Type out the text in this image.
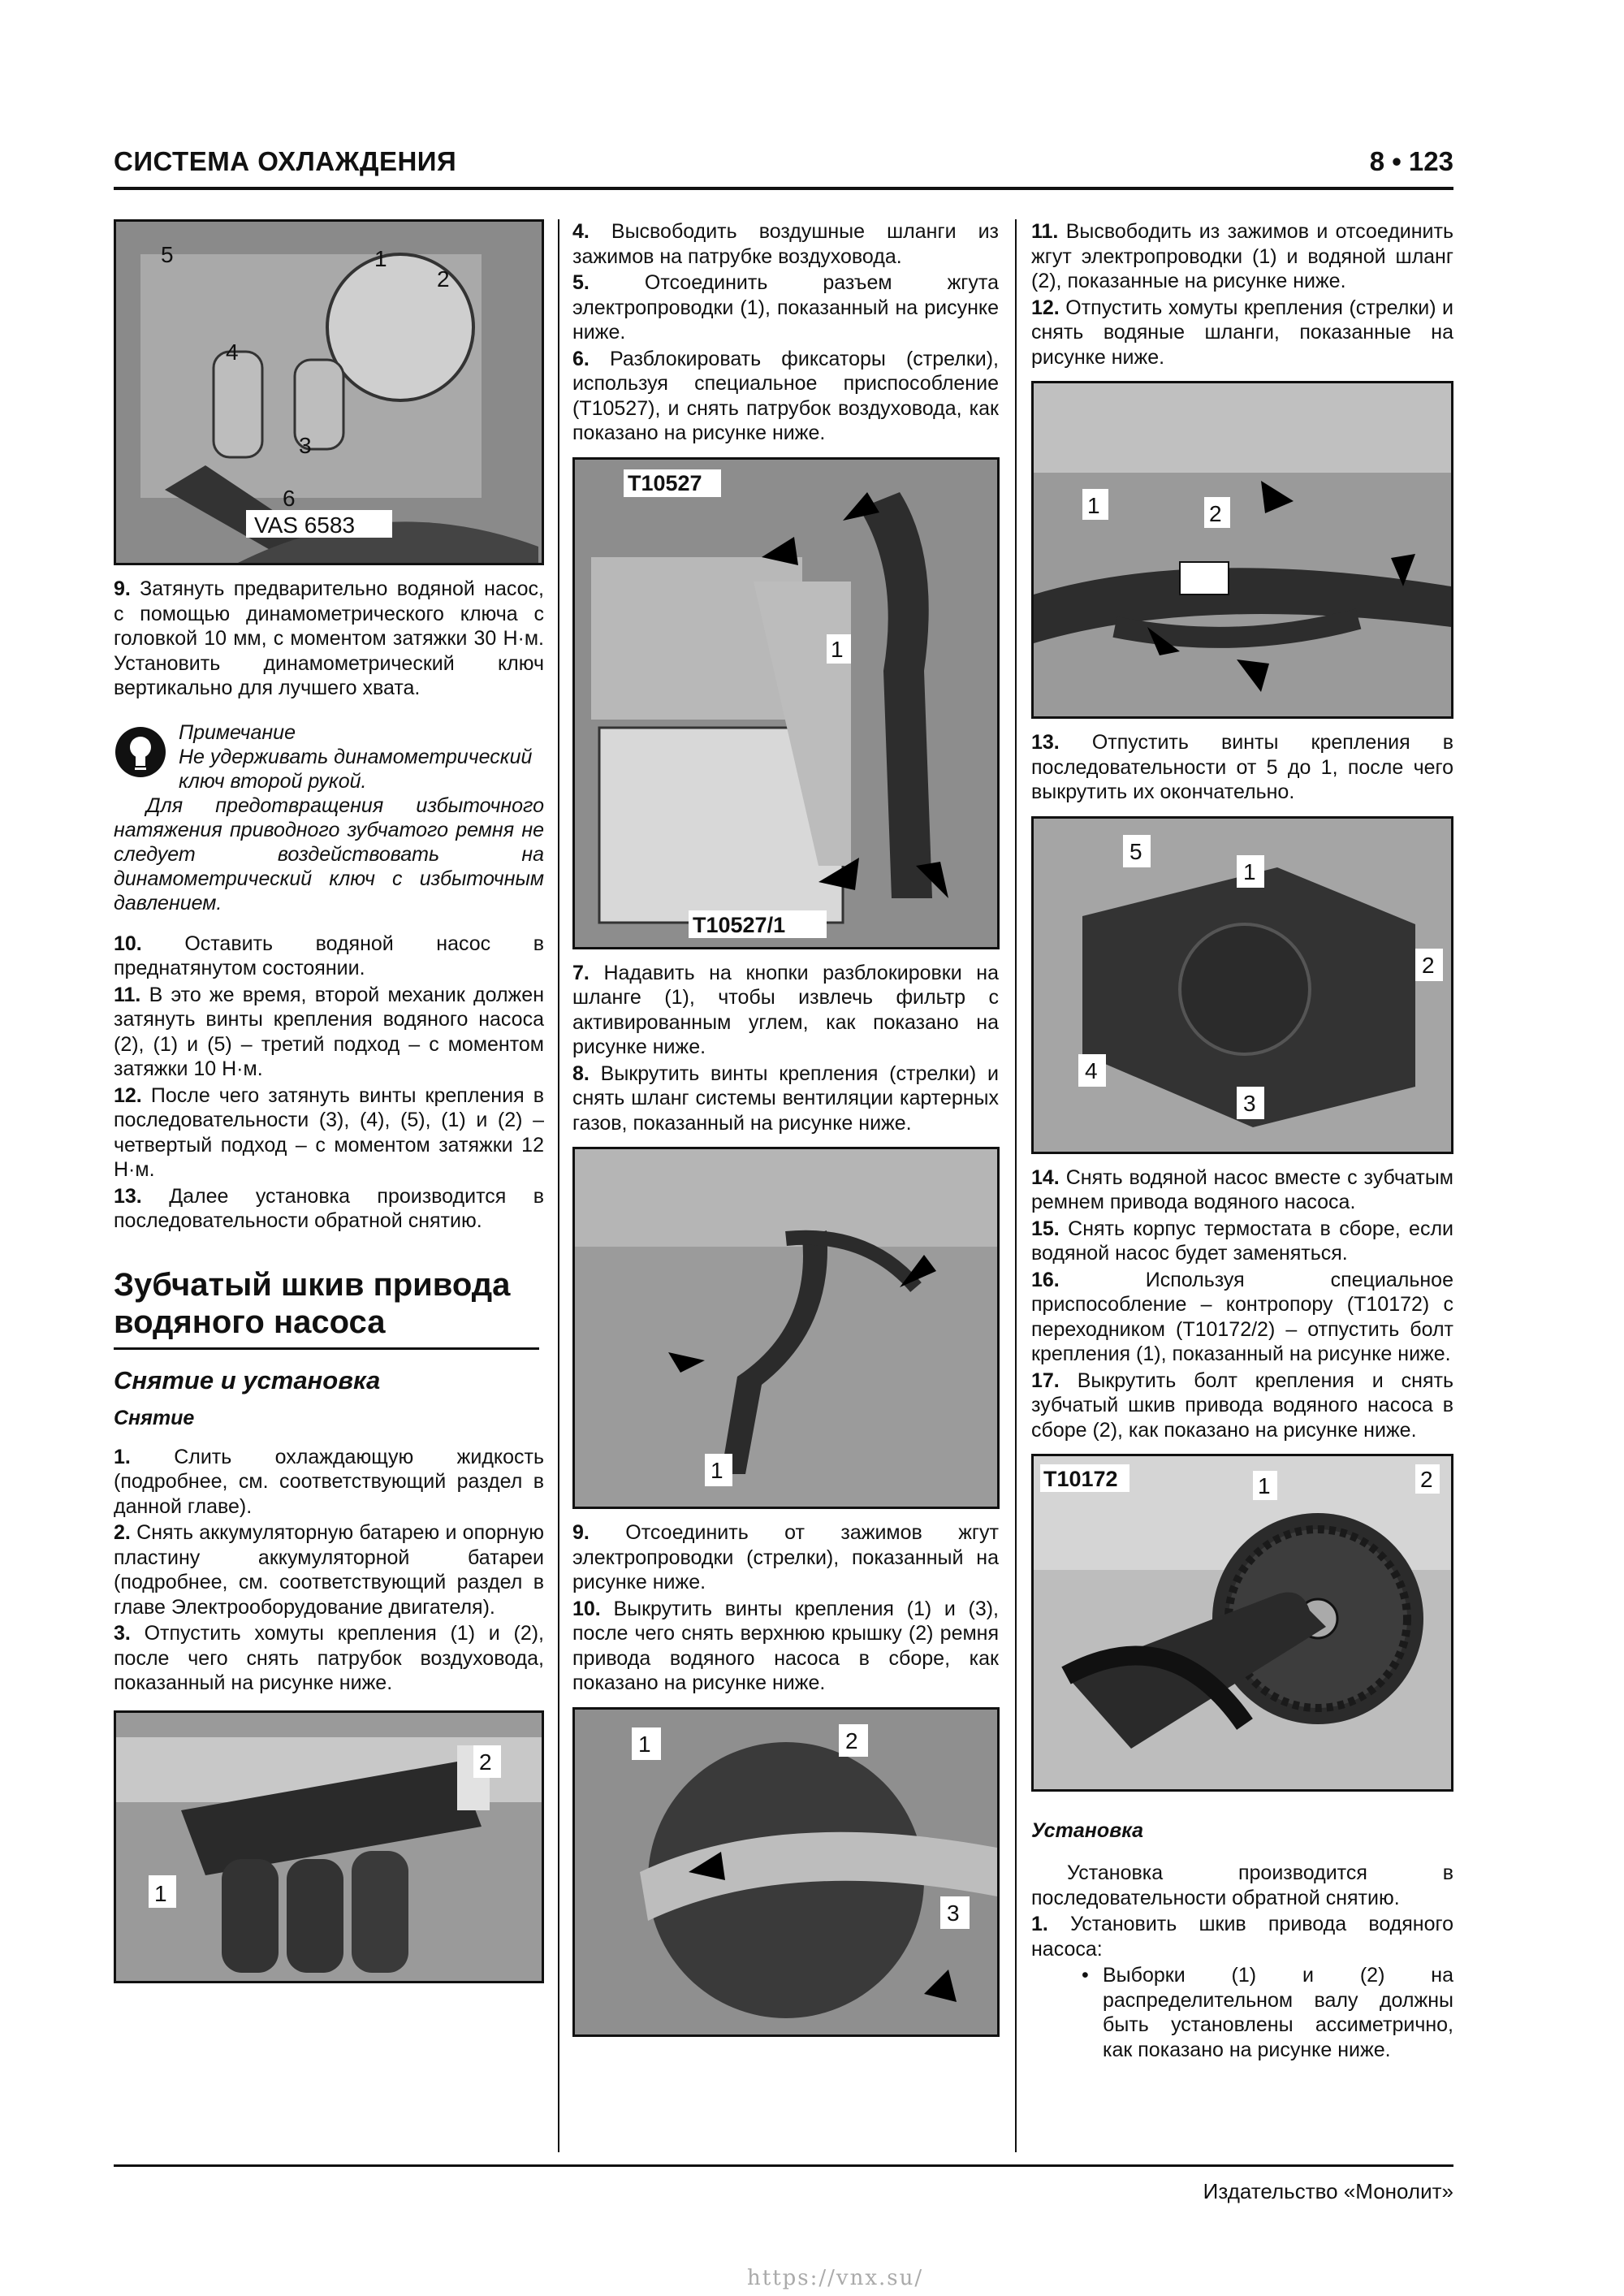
СИСТЕМА ОХЛАЖДЕНИЯ	8 • 123
5	1
2
4
3
6
VAS 6583

9. Затянуть предварительно водяной насос, с помощью динамометрического ключа с головкой 10 мм, с моментом затяжки 30 Н·м. Установить динамометрический ключ вертикально для лучшего хвата.

Примечание
Не удерживать динамометрический ключ второй рукой.
Для предотвращения избыточного натяжения приводного зубчатого ремня не следует воздействовать на динамометрический ключ с избыточным давлением.

10. Оставить водяной насос в преднатянутом состоянии.

11. В это же время, второй механик должен затянуть винты крепления водяного насоса (2), (1) и (5) – третий подход – с моментом затяжки 10 Н·м.

12. После чего затянуть винты крепления в последовательности (3), (4), (5), (1) и (2) – четвертый подход – с моментом затяжки 12 Н·м.

13. Далее установка производится в последовательности обратной снятию.

Зубчатый шкив привода водяного насоса
Снятие и установка
Снятие

1. Слить охлаждающую жидкость (подробнее, см. соответствующий раздел в данной главе).

2. Снять аккумуляторную батарею и опорную пластину аккумуляторной батареи (подробнее, см. соответствующий раздел в главе Электрооборудование двигателя).

3. Отпустить хомуты крепления (1) и (2), после чего снять патрубок воздуховода, показанный на рисунке ниже.

2
1

4. Высвободить воздушные шланги из зажимов на патрубке воздуховода.

5.	Отсоединить разъем жгута электропроводки (1), показанный на рисунке ниже.

6. Разблокировать фиксаторы (стрелки), используя специальное приспособление (T10527), и снять патрубок воздуховода, как показано на рисунке ниже.

T10527
1
T10527/1

7. Надавить на кнопки разблокировки на шланге (1), чтобы извлечь фильтр с активированным углем, как показано на рисунке ниже.

8. Выкрутить винты крепления (стрелки) и снять шланг системы вентиляции картерных газов, показанный на рисунке ниже.

1

9. Отсоединить от зажимов жгут электропроводки (стрелки), показанный на рисунке ниже.

10. Выкрутить винты крепления (1) и (3), после чего снять верхнюю крышку (2) ремня привода водяного насоса в сборе, как показано на рисунке ниже.

1	2
3

11. Высвободить из зажимов и отсоединить жгут электропроводки (1) и водяной шланг (2), показанные на рисунке ниже.

12. Отпустить хомуты крепления (стрелки) и снять водяные шланги, показанные на рисунке ниже.

1	2

13. Отпустить винты крепления в последовательности от 5 до 1, после чего выкрутить их окончательно.

5
1
2
4
3

14. Снять водяной насос вместе с зубчатым ремнем привода водяного насоса.

15. Снять корпус термостата в сборе, если водяной насос будет заменяться.

16.	Используя специальное приспособление – контропору (T10172) с переходником (T10172/2) – отпустить болт крепления (1), показанный на рисунке ниже.

17. Выкрутить болт крепления и снять зубчатый шкив привода водяного насоса в сборе (2), как показано на рисунке ниже.

T10172	1	2
Установка

Установка производится в последовательности обратной снятию.

1. Установить шкив привода водяного насоса:

• Выборки (1) и (2) на распределительном валу должны быть установлены ассиметрично, как показано на рисунке ниже.
Издательство «Монолит»
https://vnx.su/
